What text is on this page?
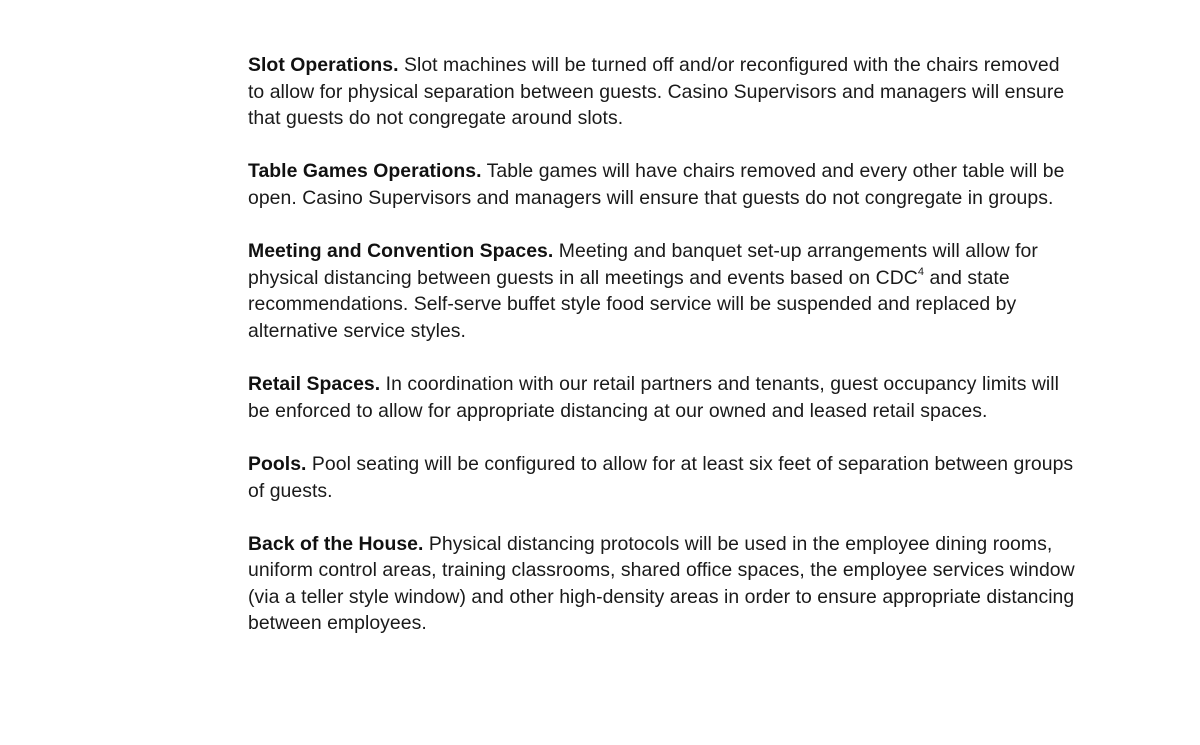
Slot Operations. Slot machines will be turned off and/or reconfigured with the chairs removed to allow for physical separation between guests. Casino Supervisors and managers will ensure that guests do not congregate around slots.

Table Games Operations. Table games will have chairs removed and every other table will be open. Casino Supervisors and managers will ensure that guests do not congregate in groups.

Meeting and Convention Spaces. Meeting and banquet set-up arrangements will allow for physical distancing between guests in all meetings and events based on CDC$^4$ and state recommendations. Self-serve buffet style food service will be suspended and replaced by alternative service styles.

Retail Spaces. In coordination with our retail partners and tenants, guest occupancy limits will be enforced to allow for appropriate distancing at our owned and leased retail spaces.

Pools. Pool seating will be configured to allow for at least six feet of separation between groups of guests.

Back of the House. Physical distancing protocols will be used in the employee dining rooms, uniform control areas, training classrooms, shared office spaces, the employee services window (via a teller style window) and other high-density areas in order to ensure appropriate distancing between employees.
